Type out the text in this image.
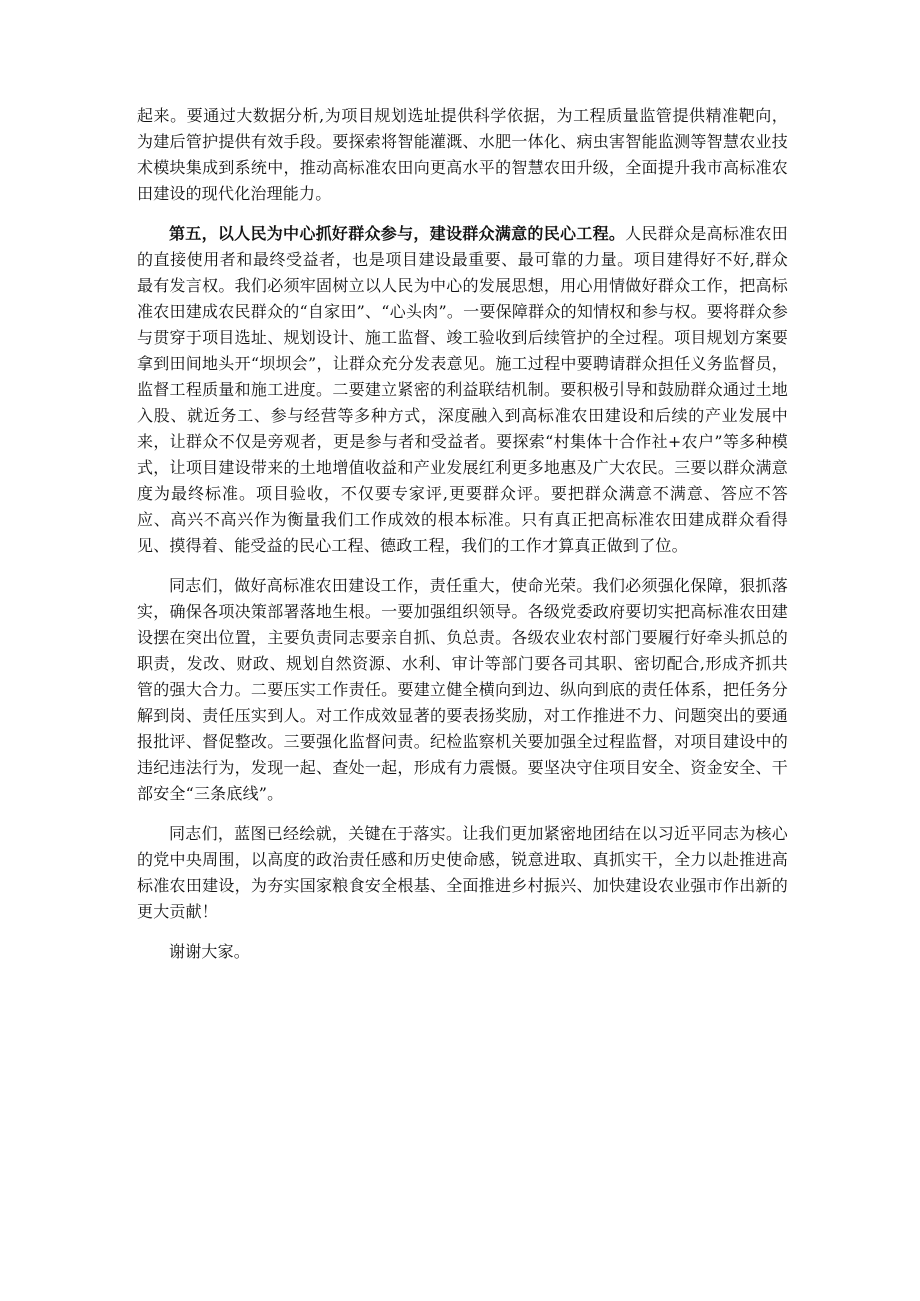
起来。要通过大数据分析,为项目规划选址提供科学依据，为工程质量监管提供精准靶向，为建后管护提供有效手段。要探索将智能灌溉、水肥一体化、病虫害智能监测等智慧农业技术模块集成到系统中，推动高标准农田向更高水平的智慧农田升级，全面提升我市高标准农田建设的现代化治理能力。

第五，以人民为中心抓好群众参与，建设群众满意的民心工程。人民群众是高标准农田的直接使用者和最终受益者，也是项目建设最重要、最可靠的力量。项目建得好不好,群众最有发言权。我们必须牢固树立以人民为中心的发展思想，用心用情做好群众工作，把高标准农田建成农民群众的“自家田”、“心头肉”。一要保障群众的知情权和参与权。要将群众参与贯穿于项目选址、规划设计、施工监督、竣工验收到后续管护的全过程。项目规划方案要拿到田间地头开“坝坝会”，让群众充分发表意见。施工过程中要聘请群众担任义务监督员，监督工程质量和施工进度。二要建立紧密的利益联结机制。要积极引导和鼓励群众通过土地入股、就近务工、参与经营等多种方式，深度融入到高标准农田建设和后续的产业发展中来，让群众不仅是旁观者，更是参与者和受益者。要探索“村集体十合作社+农户”等多种模式，让项目建设带来的土地增值收益和产业发展红利更多地惠及广大农民。三要以群众满意度为最终标准。项目验收，不仅要专家评,更要群众评。要把群众满意不满意、答应不答应、高兴不高兴作为衡量我们工作成效的根本标准。只有真正把高标准农田建成群众看得见、摸得着、能受益的民心工程、德政工程，我们的工作才算真正做到了位。

同志们，做好高标准农田建设工作，责任重大，使命光荣。我们必须强化保障，狠抓落实，确保各项决策部署落地生根。一要加强组织领导。各级党委政府要切实把高标准农田建设摆在突出位置，主要负责同志要亲自抓、负总责。各级农业农村部门要履行好牵头抓总的职责，发改、财政、规划自然资源、水利、审计等部门要各司其职、密切配合,形成齐抓共管的强大合力。二要压实工作责任。要建立健全横向到边、纵向到底的责任体系，把任务分解到岗、责任压实到人。对工作成效显著的要表扬奖励，对工作推进不力、问题突出的要通报批评、督促整改。三要强化监督问责。纪检监察机关要加强全过程监督，对项目建设中的违纪违法行为，发现一起、查处一起，形成有力震慑。要坚决守住项目安全、资金安全、干部安全“三条底线”。

同志们，蓝图已经绘就，关键在于落实。让我们更加紧密地团结在以习近平同志为核心的党中央周围，以高度的政治责任感和历史使命感，锐意进取、真抓实干，全力以赴推进高标准农田建设，为夯实国家粮食安全根基、全面推进乡村振兴、加快建设农业强市作出新的更大贡献！

谢谢大家。
